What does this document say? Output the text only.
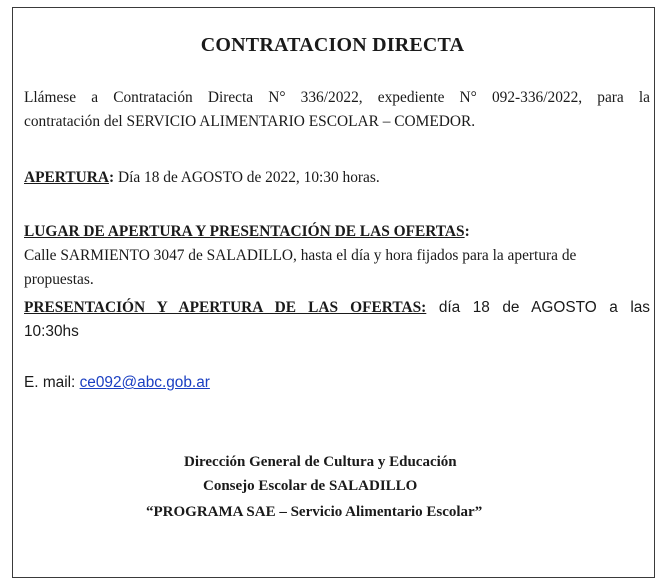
CONTRATACION DIRECTA
Llámese a Contratación Directa N° 336/2022, expediente N° 092-336/2022, para la
contratación del SERVICIO ALIMENTARIO ESCOLAR – COMEDOR.
APERTURA: Día 18 de AGOSTO de 2022, 10:30 horas.
LUGAR DE APERTURA Y PRESENTACIÓN DE LAS OFERTAS:
Calle SARMIENTO 3047 de SALADILLO, hasta el día y hora fijados para la apertura de
propuestas.
PRESENTACIÓN Y APERTURA DE LAS OFERTAS: día 18 de AGOSTO a las
10:30hs
E. mail: ce092@abc.gob.ar
Dirección General de Cultura y Educación
Consejo Escolar de SALADILLO
“PROGRAMA SAE – Servicio Alimentario Escolar”
